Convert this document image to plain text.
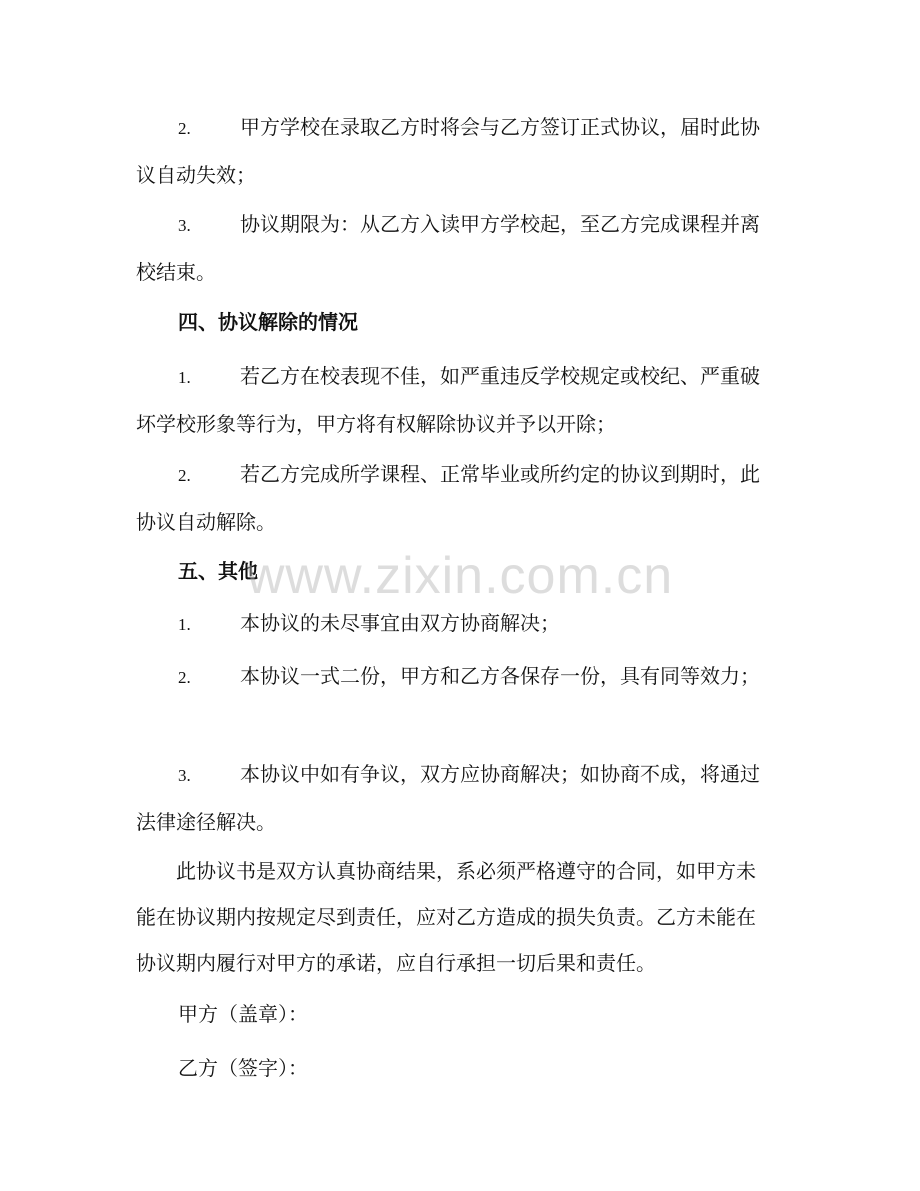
2. 甲方学校在录取乙方时将会与乙方签订正式协议，届时此协议自动失效；
3. 协议期限为：从乙方入读甲方学校起，至乙方完成课程并离校结束。
四、协议解除的情况
1. 若乙方在校表现不佳，如严重违反学校规定或校纪、严重破坏学校形象等行为，甲方将有权解除协议并予以开除；
2. 若乙方完成所学课程、正常毕业或所约定的协议到期时，此协议自动解除。
五、其他
1. 本协议的未尽事宜由双方协商解决；
2. 本协议一式二份，甲方和乙方各保存一份，具有同等效力；
3. 本协议中如有争议，双方应协商解决；如协商不成，将通过法律途径解决。
此协议书是双方认真协商结果，系必须严格遵守的合同，如甲方未能在协议期内按规定尽到责任，应对乙方造成的损失负责。乙方未能在协议期内履行对甲方的承诺，应自行承担一切后果和责任。
甲方（盖章）：
乙方（签字）：
www.zixin.com.cn
